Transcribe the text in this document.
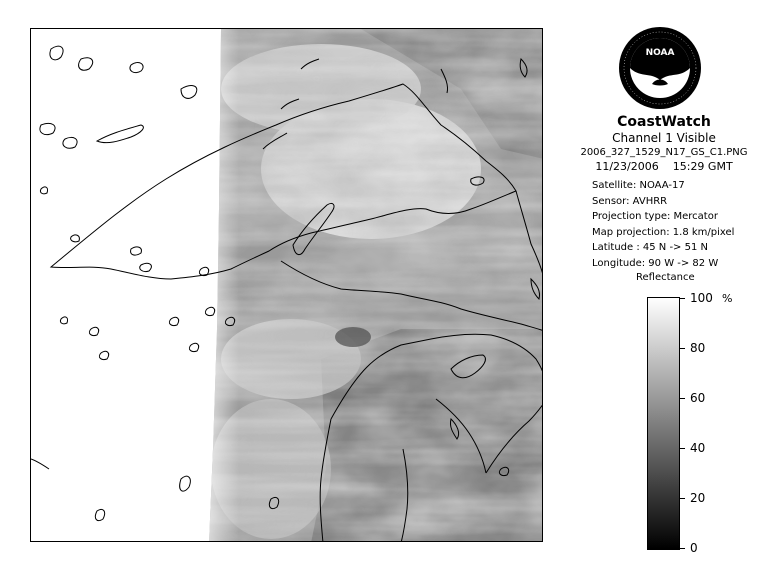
NOAA
CoastWatch
Channel 1 Visible
2006_327_1529_N17_GS_C1.PNG
11/23/2006 15:29 GMT
Satellite: NOAA-17
Sensor: AVHRR
Projection type: Mercator
Map projection: 1.8 km/pixel
Latitude : 45 N -> 51 N
Longitude: 90 W -> 82 W
Reflectance
%
100
80
60
40
20
0
